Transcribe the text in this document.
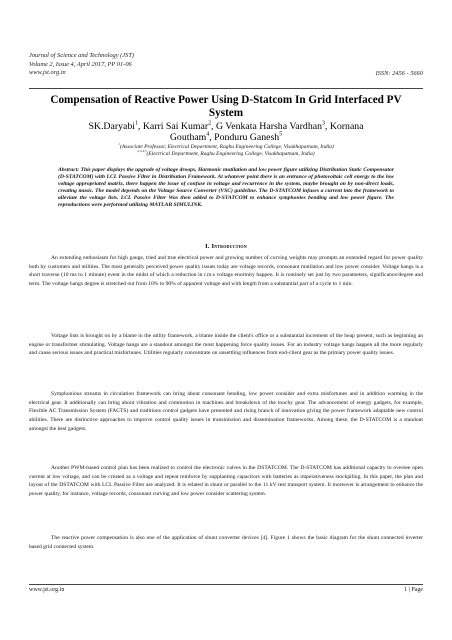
Journal of Science and Technology (JST)
Volume 2, Issue 4, April 2017, PP 01-06
www.jst.org.in	ISSN: 2456 - 5660
Compensation of Reactive Power Using D-Statcom In Grid Interfaced PV System
SK.Daryabi$^1$, Karri Sai Kumar$^2$, G Venkata Harsha Vardhan$^3$, Kornana
Goutham$^4$, Ponduru Ganesh$^5$
$^1$(Associate Professor, Electrical Department, Raghu Engineering College, Visakhapatnam, India)
$^{2,3,4,5}$(Electrical Department, Raghu Engineering College, Visakhapatnam, India)
Abstract: This paper displays the upgrade of voltage droops, Harmonic mutilation and low power figure utilizing Distribution Static Compensator (D-STATCOM) with LCL Passive Filter in Distribution Framework. At whatever point there is an entrance of photovoltaic cell energy to the low voltage appropriated matrix, there happen the issue of confuse in voltage and recurrence in the system, maybe brought on by non-direct loads, creating music. The model depends on the Voltage Source Converter (VSC) guideline. The D-STATCOM infuses a current into the framework to alleviate the voltage lists. LCL Passive Filter Was then added to D-STATCOM to enhance symphonies bending and low power figure. The reproductions were performed utilizing MATLAB SIMULINK.
I. Introduction

An extending enthusiasm for high gauge, tried and true electrical power and growing number of curving weights may prompts an extended regard for power quality both by customers and utilities. The most generally perceived power quality issues today are voltage records, consonant mutilation and low power consider. Voltage hangs is a short traverse (10 ms to 1 minute) event in the midst of which a reduction in r.m.s voltage enormity happen. It is routinely set just by two parameters, significance/degree and term. The voltage hangs degree is stretched out from 10% to 90% of apparent voltage and with length from a substantial part of a cycle to 1 min.

Voltage lists is brought on by a blame in the utility framework, a blame inside the client's office or a substantial increment of the heap present, such as beginning an engine or transformer stimulating. Voltage hangs are a standout amongst the most happening force quality issues. For an industry voltage hangs happen all the more regularly and cause serious issues and practical misfortunes. Utilities regularly concentrate on unsettling influences from end-client gear as the primary power quality issues.

Symphonious streams in circulation framework can bring about consonant bending, low power consider and extra misfortunes and in addition warming in the electrical gear. It additionally can bring about vibration and commotion in machines and breakdown of the touchy gear. The advancement of energy gadgets, for example, Flexible AC Transmission System (FACTS) and traditions control gadgets have presented and rising branch of innovation giving the power framework adaptable new control abilities. There are distinctive approaches to improve control quality issues in transmission and dissemination frameworks. Among these, the D-STATCOM is a standout amongst the best gadgets.

Another PWM-based control plan has been realized to control the electronic valves in the DSTATCOM. The D-STATCOM has additional capacity to oversee open current at low voltage, and can be created as a voltage and repeat reinforce by supplanting capacitors with batteries as imperativeness stockpiling. In this paper, the plan and layout of the DSTATCOM with LCL Passive Filter are analyzed. It is related in shunt or parallel to the 11 kV test transport system. It moreover is arrangement to enhance the power quality, for instance, voltage records, consonant curving and low power consider scattering system.

The reactive power compensation is also one of the application of shunt converter devices [4]. Figure 1 shows the basic diagram for the shunt connected inverter based grid connected system.

www.jst.org.in	1 | Page
